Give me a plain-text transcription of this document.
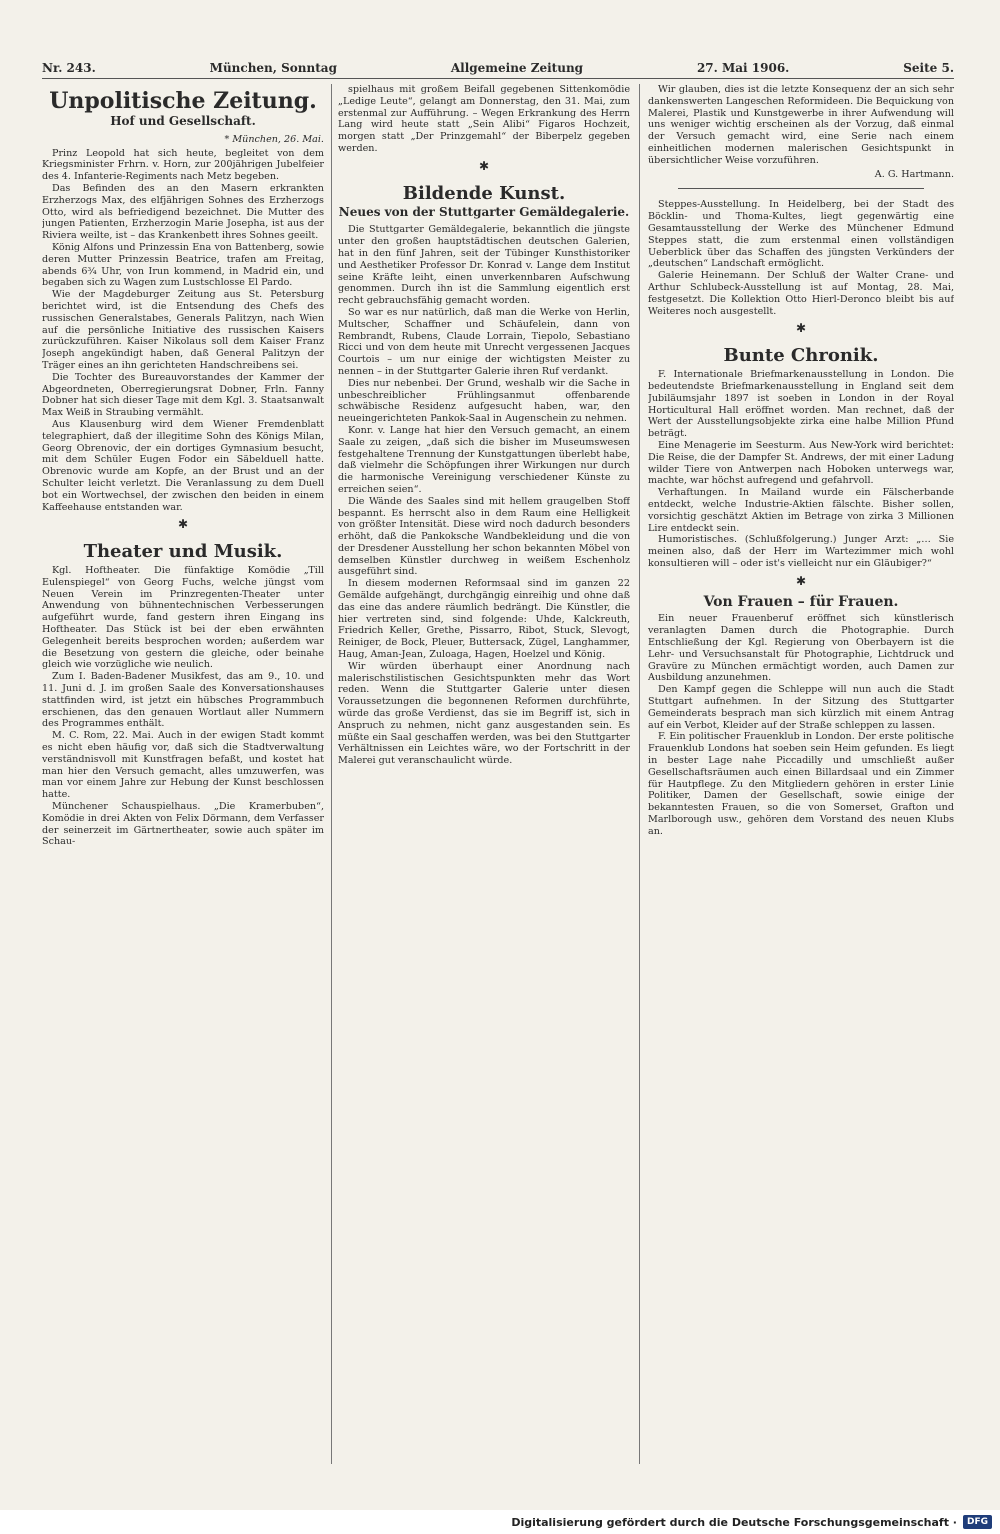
Nr. 243.	München, Sonntag	Allgemeine Zeitung	27. Mai 1906.	Seite 5.
Unpolitische Zeitung.
Hof und Gesellschaft.
* München, 26. Mai.

Prinz Leopold hat sich heute, begleitet von dem Kriegsminister Frhrn. v. Horn, zur 200jährigen Jubelfeier des 4. Infanterie-Regiments nach Metz begeben.

Das Befinden des an den Masern erkrankten Erzherzogs Max, des elfjährigen Sohnes des Erzherzogs Otto, wird als befriedigend bezeichnet. Die Mutter des jungen Patienten, Erzherzogin Marie Josepha, ist aus der Riviera weilte, ist – das Krankenbett ihres Sohnes geeilt.

König Alfons und Prinzessin Ena von Battenberg, sowie deren Mutter Prinzessin Beatrice, trafen am Freitag, abends 6¾ Uhr, von Irun kommend, in Madrid ein, und begaben sich zu Wagen zum Lustschlosse El Pardo.

Wie der Magdeburger Zeitung aus St. Petersburg berichtet wird, ist die Entsendung des Chefs des russischen Generalstabes, Generals Palitzyn, nach Wien auf die persönliche Initiative des russischen Kaisers zurückzuführen. Kaiser Nikolaus soll dem Kaiser Franz Joseph angekündigt haben, daß General Palitzyn der Träger eines an ihn gerichteten Handschreibens sei.

Die Tochter des Bureauvorstandes der Kammer der Abgeordneten, Oberregierungsrat Dobner, Frln. Fanny Dobner hat sich dieser Tage mit dem Kgl. 3. Staatsanwalt Max Weiß in Straubing vermählt.

Aus Klausenburg wird dem Wiener Fremdenblatt telegraphiert, daß der illegitime Sohn des Königs Milan, Georg Obrenovic, der ein dortiges Gymnasium besucht, mit dem Schüler Eugen Fodor ein Säbelduell hatte. Obrenovic wurde am Kopfe, an der Brust und an der Schulter leicht verletzt. Die Veranlassung zu dem Duell bot ein Wortwechsel, der zwischen den beiden in einem Kaffeehause entstanden war.

✱
Theater und Musik.

Kgl. Hoftheater. Die fünfaktige Komödie „Till Eulenspiegel“ von Georg Fuchs, welche jüngst vom Neuen Verein im Prinzregenten-Theater unter Anwendung von bühnentechnischen Verbesserungen aufgeführt wurde, fand gestern ihren Eingang ins Hoftheater. Das Stück ist bei der eben erwähnten Gelegenheit bereits besprochen worden; außerdem war die Besetzung von gestern die gleiche, oder beinahe gleich wie vorzügliche wie neulich.

Zum I. Baden-Badener Musikfest, das am 9., 10. und 11. Juni d. J. im großen Saale des Konversationshauses stattfinden wird, ist jetzt ein hübsches Programmbuch erschienen, das den genauen Wortlaut aller Nummern des Programmes enthält.

M. C. Rom, 22. Mai. Auch in der ewigen Stadt kommt es nicht eben häufig vor, daß sich die Stadtverwaltung verständnisvoll mit Kunstfragen befaßt, und kostet hat man hier den Versuch gemacht, alles umzuwerfen, was man vor einem Jahre zur Hebung der Kunst beschlossen hatte.

Münchener Schauspielhaus. „Die Kramerbuben“, Komödie in drei Akten von Felix Dörmann, dem Verfasser der seinerzeit im Gärtnertheater, sowie auch später im Schau-

spielhaus mit großem Beifall gegebenen Sittenkomödie „Ledige Leute“, gelangt am Donnerstag, den 31. Mai, zum erstenmal zur Aufführung. – Wegen Erkrankung des Herrn Lang wird heute statt „Sein Alibi“ Figaros Hochzeit, morgen statt „Der Prinzgemahl“ der Biberpelz gegeben werden.

✱
Bildende Kunst.
Neues von der Stuttgarter Gemäldegalerie.

Die Stuttgarter Gemäldegalerie, bekanntlich die jüngste unter den großen hauptstädtischen deutschen Galerien, hat in den fünf Jahren, seit der Tübinger Kunsthistoriker und Aesthetiker Professor Dr. Konrad v. Lange dem Institut seine Kräfte leiht, einen unverkennbaren Aufschwung genommen. Durch ihn ist die Sammlung eigentlich erst recht gebrauchsfähig gemacht worden.

So war es nur natürlich, daß man die Werke von Herlin, Multscher, Schaffner und Schäufelein, dann von Rembrandt, Rubens, Claude Lorrain, Tiepolo, Sebastiano Ricci und von dem heute mit Unrecht vergessenen Jacques Courtois – um nur einige der wichtigsten Meister zu nennen – in der Stuttgarter Galerie ihren Ruf verdankt.

Dies nur nebenbei. Der Grund, weshalb wir die Sache in unbeschreiblicher Frühlingsanmut offenbarende schwäbische Residenz aufgesucht haben, war, den neueingerichteten Pankok-Saal in Augenschein zu nehmen.

Konr. v. Lange hat hier den Versuch gemacht, an einem Saale zu zeigen, „daß sich die bisher im Museumswesen festgehaltene Trennung der Kunstgattungen überlebt habe, daß vielmehr die Schöpfungen ihrer Wirkungen nur durch die harmonische Vereinigung verschiedener Künste zu erreichen seien“.

Die Wände des Saales sind mit hellem graugelben Stoff bespannt. Es herrscht also in dem Raum eine Helligkeit von größter Intensität. Diese wird noch dadurch besonders erhöht, daß die Pankoksche Wandbekleidung und die von der Dresdener Ausstellung her schon bekannten Möbel von demselben Künstler durchweg in weißem Eschenholz ausgeführt sind.

In diesem modernen Reformsaal sind im ganzen 22 Gemälde aufgehängt, durchgängig einreihig und ohne daß das eine das andere räumlich bedrängt. Die Künstler, die hier vertreten sind, sind folgende: Uhde, Kalckreuth, Friedrich Keller, Grethe, Pissarro, Ribot, Stuck, Slevogt, Reiniger, de Bock, Pleuer, Buttersack, Zügel, Langhammer, Haug, Aman-Jean, Zuloaga, Hagen, Hoelzel und König.

Wir würden überhaupt einer Anordnung nach malerischstilistischen Gesichtspunkten mehr das Wort reden. Wenn die Stuttgarter Galerie unter diesen Voraussetzungen die begonnenen Reformen durchführte, würde das große Verdienst, das sie im Begriff ist, sich in Anspruch zu nehmen, nicht ganz ausgestanden sein. Es müßte ein Saal geschaffen werden, was bei den Stuttgarter Verhältnissen ein Leichtes wäre, wo der Fortschritt in der Malerei gut veranschaulicht würde.

Wir glauben, dies ist die letzte Konsequenz der an sich sehr dankenswerten Langeschen Reformideen. Die Bequickung von Malerei, Plastik und Kunstgewerbe in ihrer Aufwendung will uns weniger wichtig erscheinen als der Vorzug, daß einmal der Versuch gemacht wird, eine Serie nach einem einheitlichen modernen malerischen Gesichtspunkt in übersichtlicher Weise vorzuführen.

A. G. Hartmann.

Steppes-Ausstellung. In Heidelberg, bei der Stadt des Böcklin- und Thoma-Kultes, liegt gegenwärtig eine Gesamtausstellung der Werke des Münchener Edmund Steppes statt, die zum erstenmal einen vollständigen Ueberblick über das Schaffen des jüngsten Verkünders der „deutschen“ Landschaft ermöglicht.

Galerie Heinemann. Der Schluß der Walter Crane- und Arthur Schlubeck-Ausstellung ist auf Montag, 28. Mai, festgesetzt. Die Kollektion Otto Hierl-Deronco bleibt bis auf Weiteres noch ausgestellt.

✱
Bunte Chronik.

F. Internationale Briefmarkenausstellung in London. Die bedeutendste Briefmarkenausstellung in England seit dem Jubiläumsjahr 1897 ist soeben in London in der Royal Horticultural Hall eröffnet worden. Man rechnet, daß der Wert der Ausstellungsobjekte zirka eine halbe Million Pfund beträgt.

Eine Menagerie im Seesturm. Aus New-York wird berichtet: Die Reise, die der Dampfer St. Andrews, der mit einer Ladung wilder Tiere von Antwerpen nach Hoboken unterwegs war, machte, war höchst aufregend und gefahrvoll.

Verhaftungen. In Mailand wurde ein Fälscherbande entdeckt, welche Industrie-Aktien fälschte. Bisher sollen, vorsichtig geschätzt Aktien im Betrage von zirka 3 Millionen Lire entdeckt sein.

Humoristisches. (Schlußfolgerung.) Junger Arzt: „… Sie meinen also, daß der Herr im Wartezimmer mich wohl konsultieren will – oder ist's vielleicht nur ein Gläubiger?“

✱
Von Frauen – für Frauen.

Ein neuer Frauenberuf eröffnet sich künstlerisch veranlagten Damen durch die Photographie. Durch Entschließung der Kgl. Regierung von Oberbayern ist die Lehr- und Versuchsanstalt für Photographie, Lichtdruck und Gravüre zu München ermächtigt worden, auch Damen zur Ausbildung anzunehmen.

Den Kampf gegen die Schleppe will nun auch die Stadt Stuttgart aufnehmen. In der Sitzung des Stuttgarter Gemeinderats besprach man sich kürzlich mit einem Antrag auf ein Verbot, Kleider auf der Straße schleppen zu lassen.

F. Ein politischer Frauenklub in London. Der erste politische Frauenklub Londons hat soeben sein Heim gefunden. Es liegt in bester Lage nahe Piccadilly und umschließt außer Gesellschaftsräumen auch einen Billardsaal und ein Zimmer für Hautpflege. Zu den Mitgliedern gehören in erster Linie Politiker, Damen der Gesellschaft, sowie einige der bekanntesten Frauen, so die von Somerset, Grafton und Marlborough usw., gehören dem Vorstand des neuen Klubs an.

Digitalisierung gefördert durch die Deutsche Forschungsgemeinschaft ·	DFG
